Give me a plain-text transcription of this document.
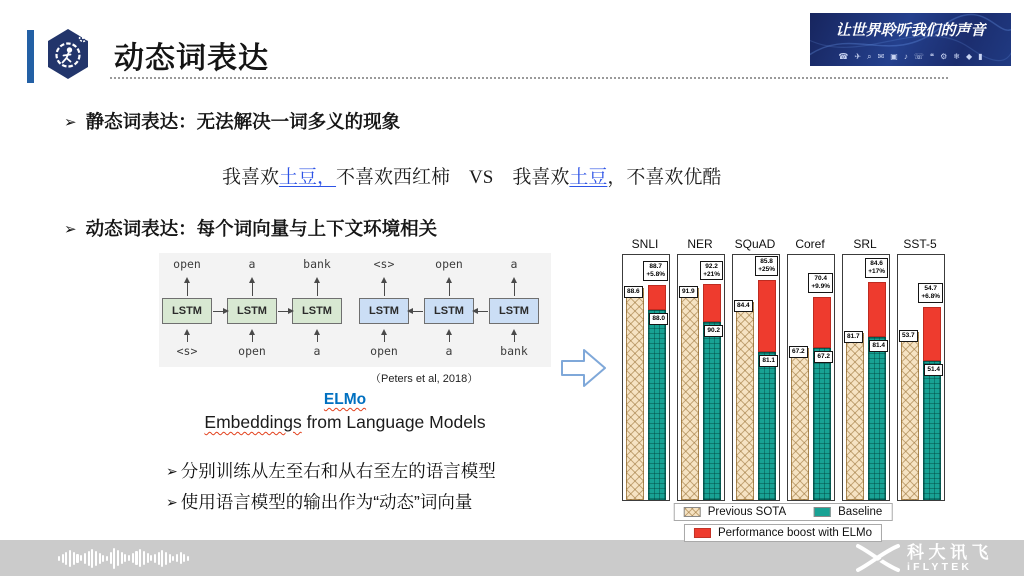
动态词表达
让世界聆听我们的声音
☎ ✈ ⌕ ✉ ▣ ♪ ☏ ❝ ⚙ ❄ ◆ ▮
➢ 静态词表达：无法解决一词多义的现象
我喜欢土豆，不喜欢西红柿    VS    我喜欢土豆，不喜欢优酷
➢ 动态词表达：每个词向量与上下文环境相关
open
LSTM
<s>
a
LSTM
open
bank
LSTM
a
<s>
LSTM
open
open
LSTM
a
a
LSTM
bank
（Peters et al, 2018）
ELMo
Embeddings from Language Models
➢ 分别训练从左至右和从右至左的语言模型
➢ 使用语言模型的输出作为“动态”词向量
SNLI
88.6
88.0
88.7
+5.8%
NER
91.9
90.2
92.2
+21%
SQuAD
84.4
81.1
85.8
+25%
Coref
67.2
67.2
70.4
+9.9%
SRL
81.7
81.4
84.6
+17%
SST-5
53.7
51.4
54.7
+6.8%
Previous SOTA	Baseline
Performance boost with ELMo
科大讯飞
iFLYTEK
